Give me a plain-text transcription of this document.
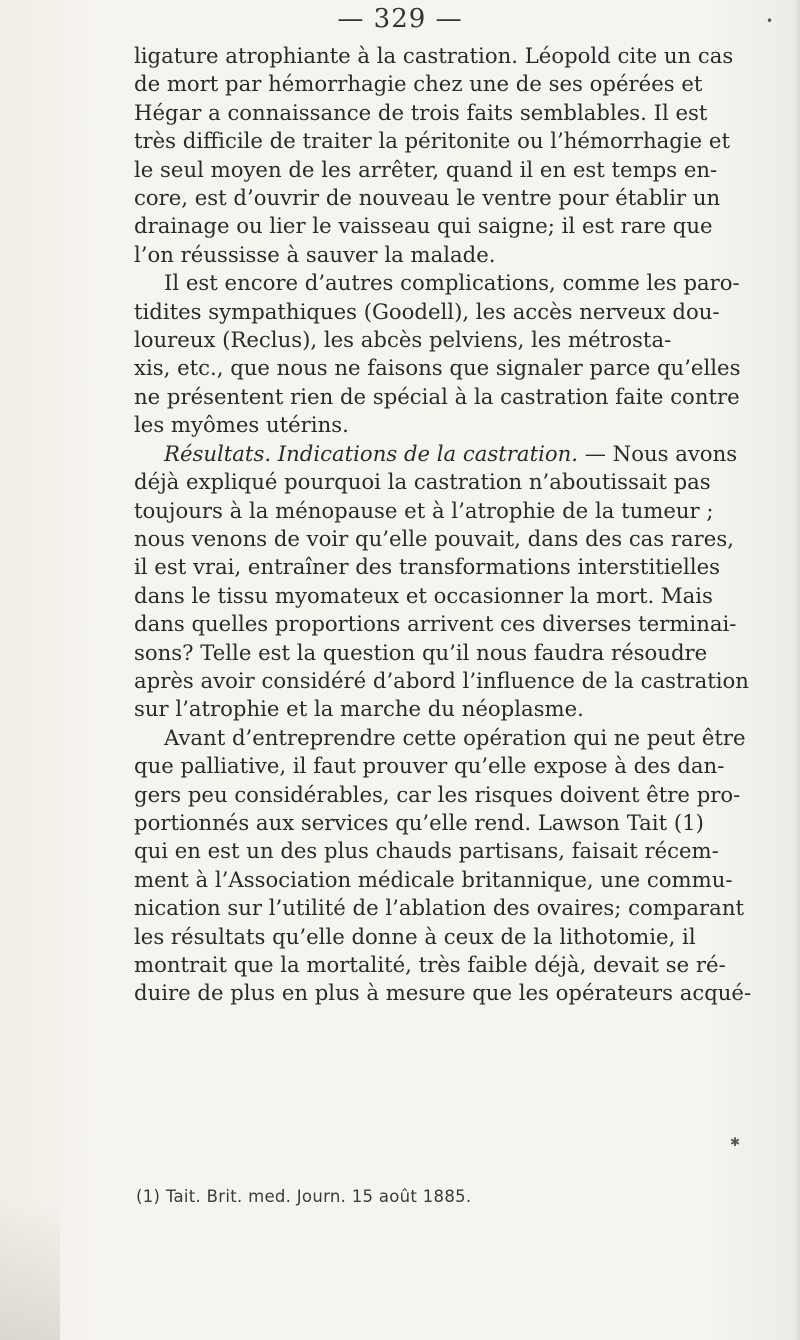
— 329 —
ligature atrophiante à la castration. Léopold cite un cas
de mort par hémorrhagie chez une de ses opérées et
Hégar a connaissance de trois faits semblables. Il est
très difficile de traiter la péritonite ou l’hémorrhagie et
le seul moyen de les arrêter, quand il en est temps en-
core, est d’ouvrir de nouveau le ventre pour établir un
drainage ou lier le vaisseau qui saigne; il est rare que
l’on réussisse à sauver la malade.
Il est encore d’autres complications, comme les paro-
tidites sympathiques (Goodell), les accès nerveux dou-
loureux (Reclus), les abcès pelviens, les métrosta-
xis, etc., que nous ne faisons que signaler parce qu’elles
ne présentent rien de spécial à la castration faite contre
les myômes utérins.
Résultats. Indications de la castration. — Nous avons
déjà expliqué pourquoi la castration n’aboutissait pas
toujours à la ménopause et à l’atrophie de la tumeur ;
nous venons de voir qu’elle pouvait, dans des cas rares,
il est vrai, entraîner des transformations interstitielles
dans le tissu myomateux et occasionner la mort. Mais
dans quelles proportions arrivent ces diverses terminai-
sons? Telle est la question qu’il nous faudra résoudre
après avoir considéré d’abord l’influence de la castration
sur l’atrophie et la marche du néoplasme.
Avant d’entreprendre cette opération qui ne peut être
que palliative, il faut prouver qu’elle expose à des dan-
gers peu considérables, car les risques doivent être pro-
portionnés aux services qu’elle rend. Lawson Tait (1)
qui en est un des plus chauds partisans, faisait récem-
ment à l’Association médicale britannique, une commu-
nication sur l’utilité de l’ablation des ovaires; comparant
les résultats qu’elle donne à ceux de la lithotomie, il
montrait que la mortalité, très faible déjà, devait se ré-
duire de plus en plus à mesure que les opérateurs acqué-
(1) Tait. Brit. med. Journ. 15 août 1885.
•
✱
